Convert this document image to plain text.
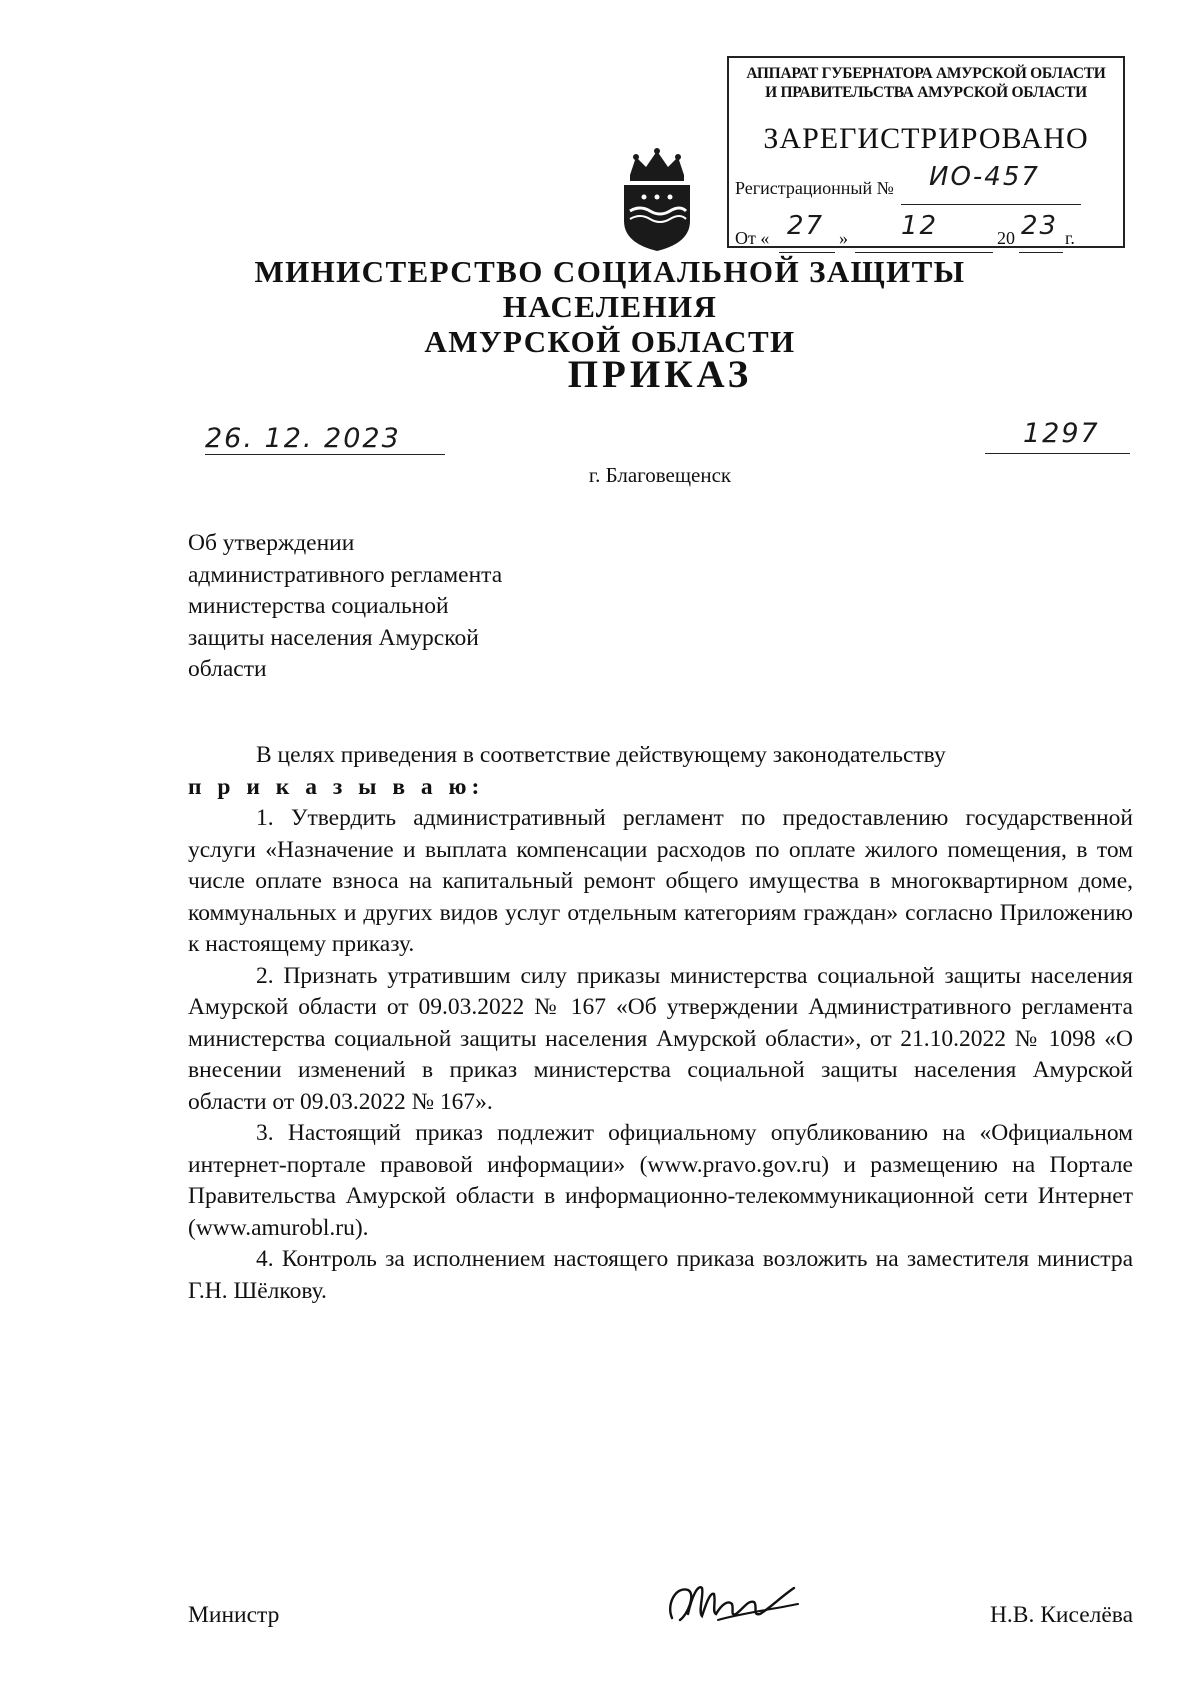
АППАРАТ ГУБЕРНАТОРА АМУРСКОЙ ОБЛАСТИ
И ПРАВИТЕЛЬСТВА АМУРСКОЙ ОБЛАСТИ
ЗАРЕГИСТРИРОВАНО
Регистрационный № ИО-457
От « 27 » 12	20 23 г.
МИНИСТЕРСТВО СОЦИАЛЬНОЙ ЗАЩИТЫ НАСЕЛЕНИЯ
АМУРСКОЙ ОБЛАСТИ
ПРИКАЗ
26. 12. 2023	1297
г. Благовещенск
Об утверждении
административного регламента
министерства социальной
защиты населения Амурской
области

В целях приведения в соответствие действующему законодательству

п р и к а з ы в а ю:

1. Утвердить административный регламент по предоставлению государственной услуги «Назначение и выплата компенсации расходов по оплате жилого помещения, в том числе оплате взноса на капитальный ремонт общего имущества в многоквартирном доме, коммунальных и других видов услуг отдельным категориям граждан» согласно Приложению к настоящему приказу.

2. Признать утратившим силу приказы министерства социальной защиты населения Амурской области от 09.03.2022 № 167 «Об утверждении Административного регламента министерства социальной защиты населения Амурской области», от 21.10.2022 № 1098 «О внесении изменений в приказ министерства социальной защиты населения Амурской области от 09.03.2022 № 167».

3. Настоящий приказ подлежит официальному опубликованию на «Официальном интернет-портале правовой информации» (www.pravo.gov.ru) и размещению на Портале Правительства Амурской области в информационно-телекоммуникационной сети Интернет (www.amurobl.ru).

4. Контроль за исполнением настоящего приказа возложить на заместителя министра Г.Н. Шёлкову.

Министр	Н.В. Киселёва
